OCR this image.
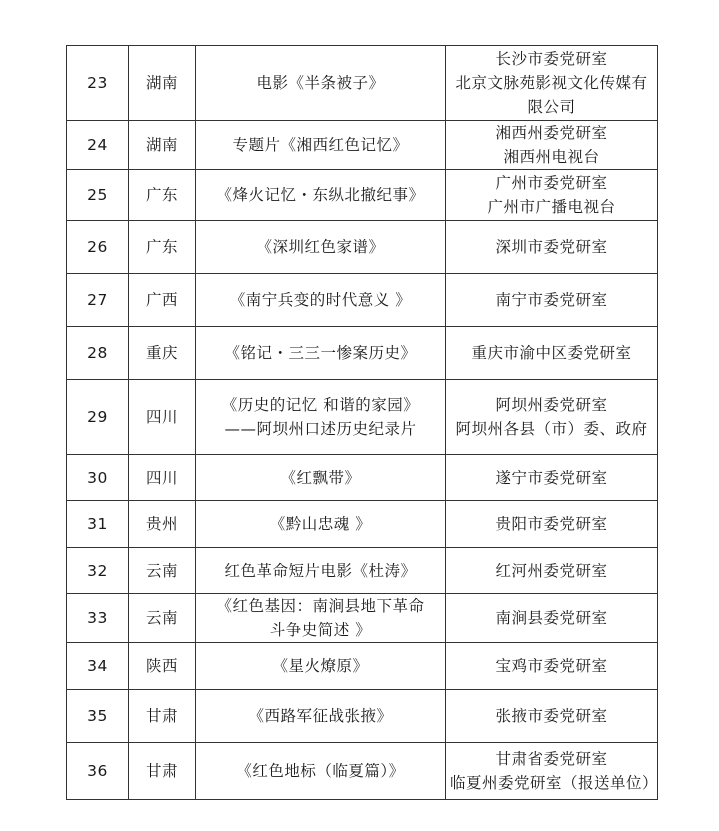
23	湖南	电影《半条被子》	长沙市委党研室
北京文脉苑影视文化传媒有
限公司

24	湖南	专题片《湘西红色记忆》	湘西州委党研室
湘西州电视台

25	广东	《烽火记忆・东纵北撤纪事》	广州市委党研室
广州市广播电视台

26	广东	《深圳红色家谱》	深圳市委党研室

27	广西	《南宁兵变的时代意义 》	南宁市委党研室

28	重庆	《铭记・三三一惨案历史》	重庆市渝中区委党研室

29	四川	《历史的记忆 和谐的家园》
——阿坝州口述历史纪录片	阿坝州委党研室
阿坝州各县（市）委、政府

30	四川	《红飘带》	遂宁市委党研室

31	贵州	《黔山忠魂 》	贵阳市委党研室

32	云南	红色革命短片电影《杜涛》	红河州委党研室

33	云南	《红色基因：南涧县地下革命
斗争史简述 》	南涧县委党研室

34	陕西	《星火燎原》	宝鸡市委党研室

35	甘肃	《西路军征战张掖》	张掖市委党研室

36	甘肃	《红色地标（临夏篇）》	甘肃省委党研室
临夏州委党研室（报送单位）
